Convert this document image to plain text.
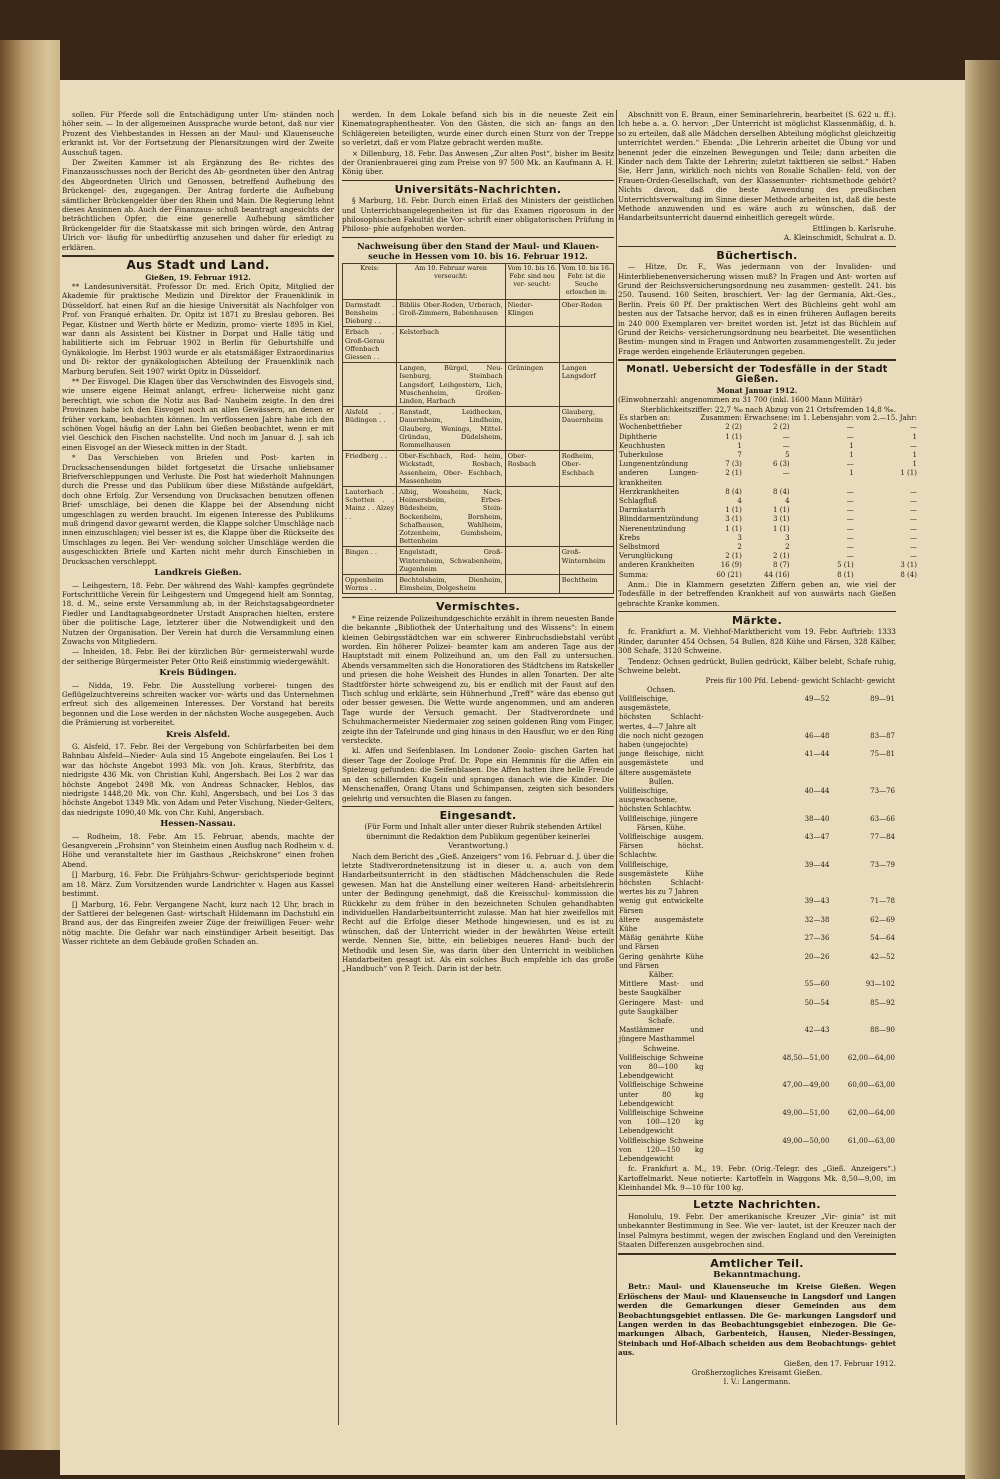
sollen. Für Pferde soll die Entschädigung unter Um- ständen noch höher sein. — In der allgemeinen Aussprache wurde betont, daß nur vier Prozent des Viehbestandes in Hessen an der Maul- und Klauenseuche erkrankt ist. Vor der Fortsetzung der Plenarsitzungen wird der Zweite Ausschuß tagen.

Der Zweiten Kammer ist als Ergänzung des Be- richtes des Finanzausschusses noch der Bericht des Ab- geordneten über den Antrag des Abgeordneten Ulrich und Genossen, betreffend Aufhebung des Brückengel- des, zugegangen. Der Antrag forderte die Aufhebung sämtlicher Brückengelder über den Rhein und Main. Die Regierung lehnt dieses Ansinnen ab. Auch der Finanzaus- schuß beantragt angesichts der beträchtlichen Opfer, die eine generelle Aufhebung sämtlicher Brückengelder für die Staatskasse mit sich bringen würde, den Antrag Ulrich vor- läufig für unbedürftig anzusehen und daher für erledigt zu erklären.

Aus Stadt und Land.
Gießen, 19. Februar 1912.

** Landesuniversität. Professor Dr. med. Erich Opitz, Mitglied der Akademie für praktische Medizin und Direktor der Frauenklinik in Düsseldorf, hat einen Ruf an die hiesige Universität als Nachfolger von Prof. von Franqué erhalten. Dr. Opitz ist 1871 zu Breslau geboren. Bei Pegar, Küstner und Werth hörte er Medizin, promo- vierte 1895 in Kiel, war dann als Assistent bei Küstner in Dorpat und Halle tätig und habilitierte sich im Februar 1902 in Berlin für Geburtshilfe und Gynäkologie. Im Herbst 1903 wurde er als etatsmäßiger Extraordinarius und Di- rektor der gynäkologischen Abteilung der Frauenklinik nach Marburg berufen. Seit 1907 wirkt Opitz in Düsseldorf.

** Der Eisvogel. Die Klagen über das Verschwinden des Eisvogels sind, wie unsere eigene Heimat anlangt, erfreu- licherweise nicht ganz berechtigt, wie schon die Notiz aus Bad- Nauheim zeigte. In den drei Provinzen habe ich den Eisvogel noch an allen Gewässern, an denen er früher vorkam, beobachten können. Im verflossenen Jahre habe ich den schönen Vogel häufig an der Lahn bei Gießen beobachtet, wenn er mit viel Geschick den Fischen nachstellte. Und noch im Januar d. J. sah ich einen Eisvogel an der Wieseck mitten in der Stadt.

* Das Verschieben von Briefen und Post- karten in Drucksachensendungen bildet fortgesetzt die Ursache unliebsamer Briefverschleppungen und Verluste. Die Post hat wiederholt Mahnungen durch die Presse und das Publikum über diese Mißstände aufgeklärt, doch ohne Erfolg. Zur Versendung von Drucksachen benutzen offenen Brief- umschläge, bei denen die Klappe bei der Absendung nicht umgeschlagen zu werden braucht. Im eigenen Interesse des Publikums muß dringend davor gewarnt werden, die Klappe solcher Umschläge nach innen einzuschlagen; viel besser ist es, die Klappe über die Rückseite des Umschlages zu legen. Bei Ver- wendung solcher Umschläge werden die ausgeschickten Briefe und Karten nicht mehr durch Einschieben in Drucksachen verschleppt.

Landkreis Gießen.

— Leihgestern, 18. Febr. Der während des Wahl- kampfes gegründete Fortschrittliche Verein für Leihgestern und Umgegend hielt am Sonntag, 18. d. M., seine erste Versammlung ab, in der Reichstagsabgeordneter Fiedler und Landtagsabgeordneter Urstadt Ansprachen hielten, erstere über die politische Lage, letzterer über die Notwendigkeit und den Nutzen der Organisation. Der Verein hat durch die Versammlung einen Zuwachs von Mitgliedern.

— Inheiden, 18. Febr. Bei der kürzlichen Bür- germeisterwahl wurde der seitherige Bürgermeister Peter Otto Reiß einstimmig wiedergewählt.

Kreis Büdingen.

— Nidda, 19. Febr. Die Ausstellung vorberei- tungen des Geflügelzuchtvereins schreiten wacker vor- wärts und das Unternehmen erfreut sich des allgemeinen Interesses. Der Vorstand hat bereits begonnen und die Lose werden in der nächsten Woche ausgegeben. Auch die Prämierung ist vorbereitet.

Kreis Alsfeld.

G. Alsfeld, 17. Febr. Bei der Vergebung von Schürfarbeiten bei dem Bahnbau Alsfeld—Nieder- Aula sind 15 Angebote eingelaufen. Bei Los 1 war das höchste Angebot 1993 Mk. von Joh. Kraus, Sterbfritz, das niedrigste 436 Mk. von Christian Kuhl, Angersbach. Bei Los 2 war das höchste Angebot 2498 Mk. von Andreas Schnacker, Heblos, das niedrigste 1448,20 Mk. von Chr. Kuhl, Angersbach, und bei Los 3 das höchste Angebot 1349 Mk. von Adam und Peter Vischung, Nieder-Gelters, das niedrigste 1090,40 Mk. von Chr. Kuhl, Angersbach.

Hessen-Nassau.

— Rodheim, 18. Febr. Am 15. Februar, abends, machte der Gesangverein „Frohsinn“ von Steinheim einen Ausflug nach Rodheim v. d. Höhe und veranstaltete hier im Gasthaus „Reichskrone“ einen frohen Abend.

[] Marburg, 16. Febr. Die Frühjahrs-Schwur- gerichtsperiode beginnt am 18. März. Zum Vorsitzenden wurde Landrichter v. Hagen aus Kassel bestimmt.

[] Marburg, 16. Febr. Vergangene Nacht, kurz nach 12 Uhr, brach in der Sattlerei der belegenen Gast- wirtschaft Hildemann im Dachstuhl ein Brand aus, der das Eingreifen zweier Züge der freiwilligen Feuer- wehr nötig machte. Die Gefahr war nach einstündiger Arbeit beseitigt. Das Wasser richtete an dem Gebäude großen Schaden an.

werden. In dem Lokale befand sich bis in die neueste Zeit ein Kinematographentheater. Von den Gästen, die sich an- fangs an den Schlägereien beteiligten, wurde einer durch einen Sturz von der Treppe so verletzt, daß er vom Platze gebracht werden mußte.

× Dillenburg, 18. Febr. Das Anwesen „Zur alten Post“, bisher im Besitz der Oranienbrauerei ging zum Preise von 97 500 Mk. an Kaufmann A. H. König über.

Universitäts-Nachrichten.

§ Marburg, 18. Febr. Durch einen Erlaß des Ministers der geistlichen und Unterrichtsangelegenheiten ist für das Examen rigorosum in der philosophischen Fakultät die Vor- schrift einer obligatorischen Prüfung in Philoso- phie aufgehoben worden.

Nachweisung über den Stand der Maul- und Klauen- seuche in Hessen vom 10. bis 16. Februar 1912.
Kreis:	Am 10. Februar waren verseucht:	Vom 10. bis 16. Febr. sind neu ver- seucht:	Vom 10. bis 16. Febr. ist die Seuche erloschen in:
Darmstadt . Bensheim . Dieburg . .	Bibliis Ober-Roden, Urberach, Groß-Zimmern, Babenhausen	Nieder- Klingen	Ober-Roden
Erbach . . Groß-Gerau Offenbach Giessen . .	Kelsterbach		
	Langen, Bürgel, Neu- Isenburg, Steinbach Langsdorf, Leihgestern, Lich, Muschenheim, Großen-Linden, Harbach	Grüningen	Langen Langsdorf
Alsfeld . . Büdingen . .	Ranstadt, Leidhecken, Dauernheim, Lindheim, Glauberg, Wenings, Mittel-Gründau, Düdelsheim, Rommelhausen		Glauberg, Dauernheim
Friedberg . .	Ober-Eschbach, Rod- heim, Wickstadt, Rosbach, Assenheim, Ober- Eschbach, Massenheim	Ober- Rosbach	Rodheim, Ober- Eschbach
Lauterbach . Schotten . . Mainz . . Alzey . .	Albig, Wonsheim, Nack, Heimersheim, Erbes- Büdesheim, Stein- Bockenheim, Bornheim, Schafhausen, Wahlheim, Zotzenheim, Gumbsheim, Bettenheim		
Bingen . .	Engelstadt, Groß- Winternheim, Schwabenheim, Zugenheim		Groß- Winternheim
Oppenheim Worms . .	Bechtolsheim, Dienheim, Eimsheim, Dolgesheim		Bechtheim
Vermischtes.

* Eine reizende Polizeihundgeschichte erzählt in ihrem neuesten Bande die bekannte „Bibliothek der Unterhaltung und des Wissens“: In einem kleinen Gebirgsstädtchen war ein schwerer Einbruchsdiebstahl verübt worden. Ein höherer Polizei- beamter kam am anderen Tage aus der Hauptstadt mit einem Polizeihund an, um den Fall zu untersuchen. Abends versammelten sich die Honoratioren des Städtchens im Ratskeller und priesen die hohe Weisheit des Hundes in allen Tonarten. Der alte Stadtförster hörte schweigend zu, bis er endlich mit der Faust auf den Tisch schlug und erklärte, sein Hühnerhund „Treff“ wäre das ebenso gut oder besser gewesen. Die Wette wurde angenommen, und am anderen Tage wurde der Versuch gemacht. Der Stadtverordnete und Schuhmachermeister Niedermaier zog seinen goldenen Ring vom Finger, zeigte ihn der Tafelrunde und ging hinaus in den Hausflur, wo er den Ring versteckte.

kl. Affen und Seifenblasen. Im Londoner Zoolo- gischen Garten hat dieser Tage der Zoologe Prof. Dr. Pope ein Hemmnis für die Affen ein Spielzeug gefunden: die Seifenblasen. Die Affen hatten ihre helle Freude an den schillernden Kugeln und sprangen danach wie die Kinder. Die Menschenaffen, Orang Utans und Schimpansen, zeigten sich besonders gelehrig und versuchten die Blasen zu fangen.

Eingesandt.

(Für Form und Inhalt aller unter dieser Rubrik stehenden Artikel übernimmt die Redaktion dem Publikum gegenüber keinerlei Verantwortung.)

Nach dem Bericht des „Gieß. Anzeigers“ vom 16. Februar d. J. über die letzte Stadtverordnetensitzung ist in dieser u. a. auch von dem Handarbeitsunterricht in den städtischen Mädchenschulen die Rede gewesen. Man hat die Anstellung einer weiteren Hand- arbeitslehrerin unter der Bedingung genehmigt, daß die Kreisschul- kommission die Rückkehr zu dem früher in den bezeichneten Schulen gehandhabten individuellen Handarbeitsunterricht zulasse. Man hat hier zweifellos mit Recht auf die Erfolge dieser Methode hingewiesen, und es ist zu wünschen, daß der Unterricht wieder in der bewährten Weise erteilt werde. Nennen Sie, bitte, ein beliebiges neueres Hand- buch der Methodik und lesen Sie, was darin über den Unterricht in weiblichen Handarbeiten gesagt ist. Als ein solches Buch empfehle ich das große „Handbuch“ von P. Teich. Darin ist der betr.

Abschnitt von E. Braun, einer Seminarlehrerin, bearbeitet (S. 622 u. ff.). Ich hebe a. a. O. hervor: „Der Unterricht ist möglichst Klassenmäßig, d. h. so zu erteilen, daß alle Mädchen derselben Abteilung möglichst gleichzeitig unterrichtet werden.“ Ebenda: „Die Lehrerin arbeitet die Übung vor und benennt jeder die einzelnen Bewegungen und Teile; dann arbeiten die Kinder nach dem Takte der Lehrerin; zuletzt takttieren sie selbst.“ Haben Sie, Herr Jann, wirklich noch nichts von Rosalie Schallen- feld, von der Frauen-Orden-Gesellschaft, von der Klassenunter- richtsmethode gehört? Nichts davon, daß die beste Anwendung des preußischen Unterrichtsverwaltung im Sinne dieser Methode arbeiten ist, daß die beste Methode anzuwenden und es wäre auch zu wünschen, daß der Handarbeitsunterricht dauernd einheitlich geregelt würde.

Ettlingen b. Karlsruhe.
A. Kleinschmidt, Schulrat a. D.
Büchertisch.

— Hitze, Dr. F., Was jedermann von der Invaliden- und Hinterbliebenenversicherung wissen muß? In Fragen und Ant- worten auf Grund der Reichsversicherungsordnung neu zusammen- gestellt. 241. bis 250. Tausend. 160 Seiten, broschiert. Ver- lag der Germania, Akt.-Ges., Berlin. Preis 60 Pf. Der praktischen Wert des Büchleins geht wohl am besten aus der Tatsache hervor, daß es in einen früheren Auflagen bereits in 240 000 Exemplaren ver- breitet worden ist. Jetzt ist das Büchlein auf Grund der Reichs- versicherungsordnung neu bearbeitet. Die wesentlichen Bestim- mungen sind in Fragen und Antworten zusammengestellt. Zu jeder Frage werden eingehende Erläuterungen gegeben.

Monatl. Uebersicht der Todesfälle in der Stadt Gießen.
Monat Januar 1912.
(Einwohnerzahl: angenommen zu 31 700 (inkl. 1600 Mann Militär)
Sterblichkeitsziffer: 22,7 ‰ nach Abzug von 21 Ortsfremden 14,8 ‰.
Es starben an:	Zusammen:	Erwachsene:	im 1. Lebensjahr:	vom 2.—15. Jahr:
Wochenbettfieber	2 (2)	2 (2)	—	—
Diphtherie	1 (1)	—	—	1
Keuchhusten	1	—	1	—
Tuberkulose	7	5	1	1
Lungenentzündung	7 (3)	6 (3)	—	1
anderen Lungen- krankheiten	2 (1)	—	1	1 (1)
Herzkrankheiten	8 (4)	8 (4)	—	—
Schlagfluß	4	4	—	—
Darmkatarrh	1 (1)	1 (1)	—	—
Blinddarmentzündung	3 (1)	3 (1)	—	—
Nierenentzündung	1 (1)	1 (1)	—	—
Krebs	3	3	—	—
Selbstmord	2	2	—	—
Verunglückung	2 (1)	2 (1)	—	—
anderen Krankheiten	16 (9)	8 (7)	5 (1)	3 (1)
Summa:	60 (21)	44 (16)	8 (1)	8 (4)

Anm.: Die in Klammern gesetzten Ziffern geben an, wie viel der Todesfälle in der betreffenden Krankheit auf von auswärts nach Gießen gebrachte Kranke kommen.

Märkte.

fc. Frankfurt a. M. Viehhof-Marktbericht vom 19. Febr. Auftrieb: 1333 Rinder, darunter 454 Ochsen, 54 Bullen, 828 Kühe und Färsen, 328 Kälber, 308 Schafe, 3120 Schweine.

Tendenz: Ochsen gedrückt, Bullen gedrückt, Kälber belebt, Schafe ruhig, Schweine belebt.

	Preis für 100 Pfd. Lebend- gewicht	Schlacht- gewicht
Ochsen.		
Vollfleischige, ausgemästete, höchsten Schlacht- wertes, 4—7 Jahre alt	49—52	89—91
die noch nicht gezogen haben (ungejochte)	46—48	83—87
junge fleischige, nicht ausgemästete und ältere ausgemästete	41—44	75—81
Bullen.		
Vollfleischige, ausgewachsene, höchsten Schlachtw.	40—44	73—76
Vollfleischige, jüngere	38—40	63—66
Färsen, Kühe.		
Vollfleischige ausgem. Färsen höchst. Schlachtw.	43—47	77—84
Vollfleischige, ausgemästete Kühe höchsten Schlacht- wertes bis zu 7 Jahren	39—44	73—79
wenig gut entwickelte Färsen	39—43	71—78
ältere ausgemästete Kühe	32—38	62—69
Mäßig genährte Kühe und Färsen	27—36	54—64
Gering genährte Kühe und Färsen	20—26	42—52
Kälber.		
Mittlere Mast- und beste Saugkälber	55—60	93—102
Geringere Mast- und gute Saugkälber	50—54	85—92
Schafe.		
Mastlämmer und jüngere Masthammel	42—43	88—90
Schweine.		
Vollfleischige Schweine von 80—100 kg Lebendgewicht	48,50—51,00	62,00—64,00
Vollfleischige Schweine unter 80 kg Lebendgewicht	47,00—49,00	60,00—63,00
Vollfleischige Schweine von 100—120 kg Lebendgewicht	49,00—51,00	62,00—64,00
Vollfleischige Schweine von 120—150 kg Lebendgewicht	49,00—50,00	61,00—63,00

fc. Frankfurt a. M., 19. Febr. (Orig.-Telegr. des „Gieß. Anzeigers“.) Kartoffelmarkt. Neue notierte: Kartoffeln in Waggons Mk. 8,50—9,00, im Kleinhandel Mk. 9—10 für 100 kg.

Letzte Nachrichten.

Honolulu, 19. Febr. Der amerikanische Kreuzer „Vir- ginia“ ist mit unbekannter Bestimmung in See. Wie ver- lautet, ist der Kreuzer nach der Insel Palmyra bestimmt, wegen der zwischen England und den Vereinigten Staaten Differenzen ausgebrochen sind.

Amtlicher Teil.
Bekanntmachung.

Betr.: Maul- und Klauenseuche im Kreise Gießen. Wegen Erlöschens der Maul- und Klauenseuche in Langsdorf und Langen werden die Gemarkungen dieser Gemeinden aus dem Beobachtungsgebiet entlassen. Die Ge- markungen Langsdorf und Langen werden in das Beobachtungsgebiet einbezogen. Die Ge- markungen Albach, Garbenteich, Hausen, Nieder-Bessingen, Steinbach und Hof-Albach scheiden aus dem Beobachtungs- gebiet aus.

Gießen, den 17. Februar 1912.
Großherzogliches Kreisamt Gießen.
I. V.: Langermann.
